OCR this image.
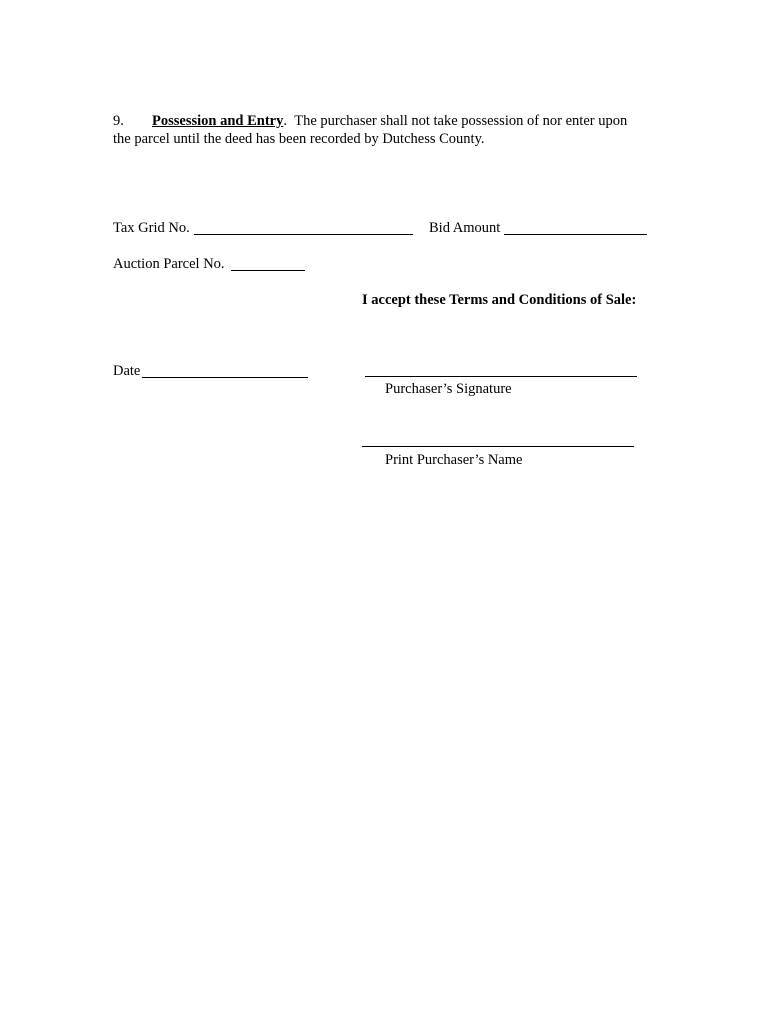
9. Possession and Entry. The purchaser shall not take possession of nor enter upon
the parcel until the deed has been recorded by Dutchess County.
Tax Grid No.	Bid Amount
Auction Parcel No.
I accept these Terms and Conditions of Sale:
Date
Purchaser’s Signature
Print Purchaser’s Name
